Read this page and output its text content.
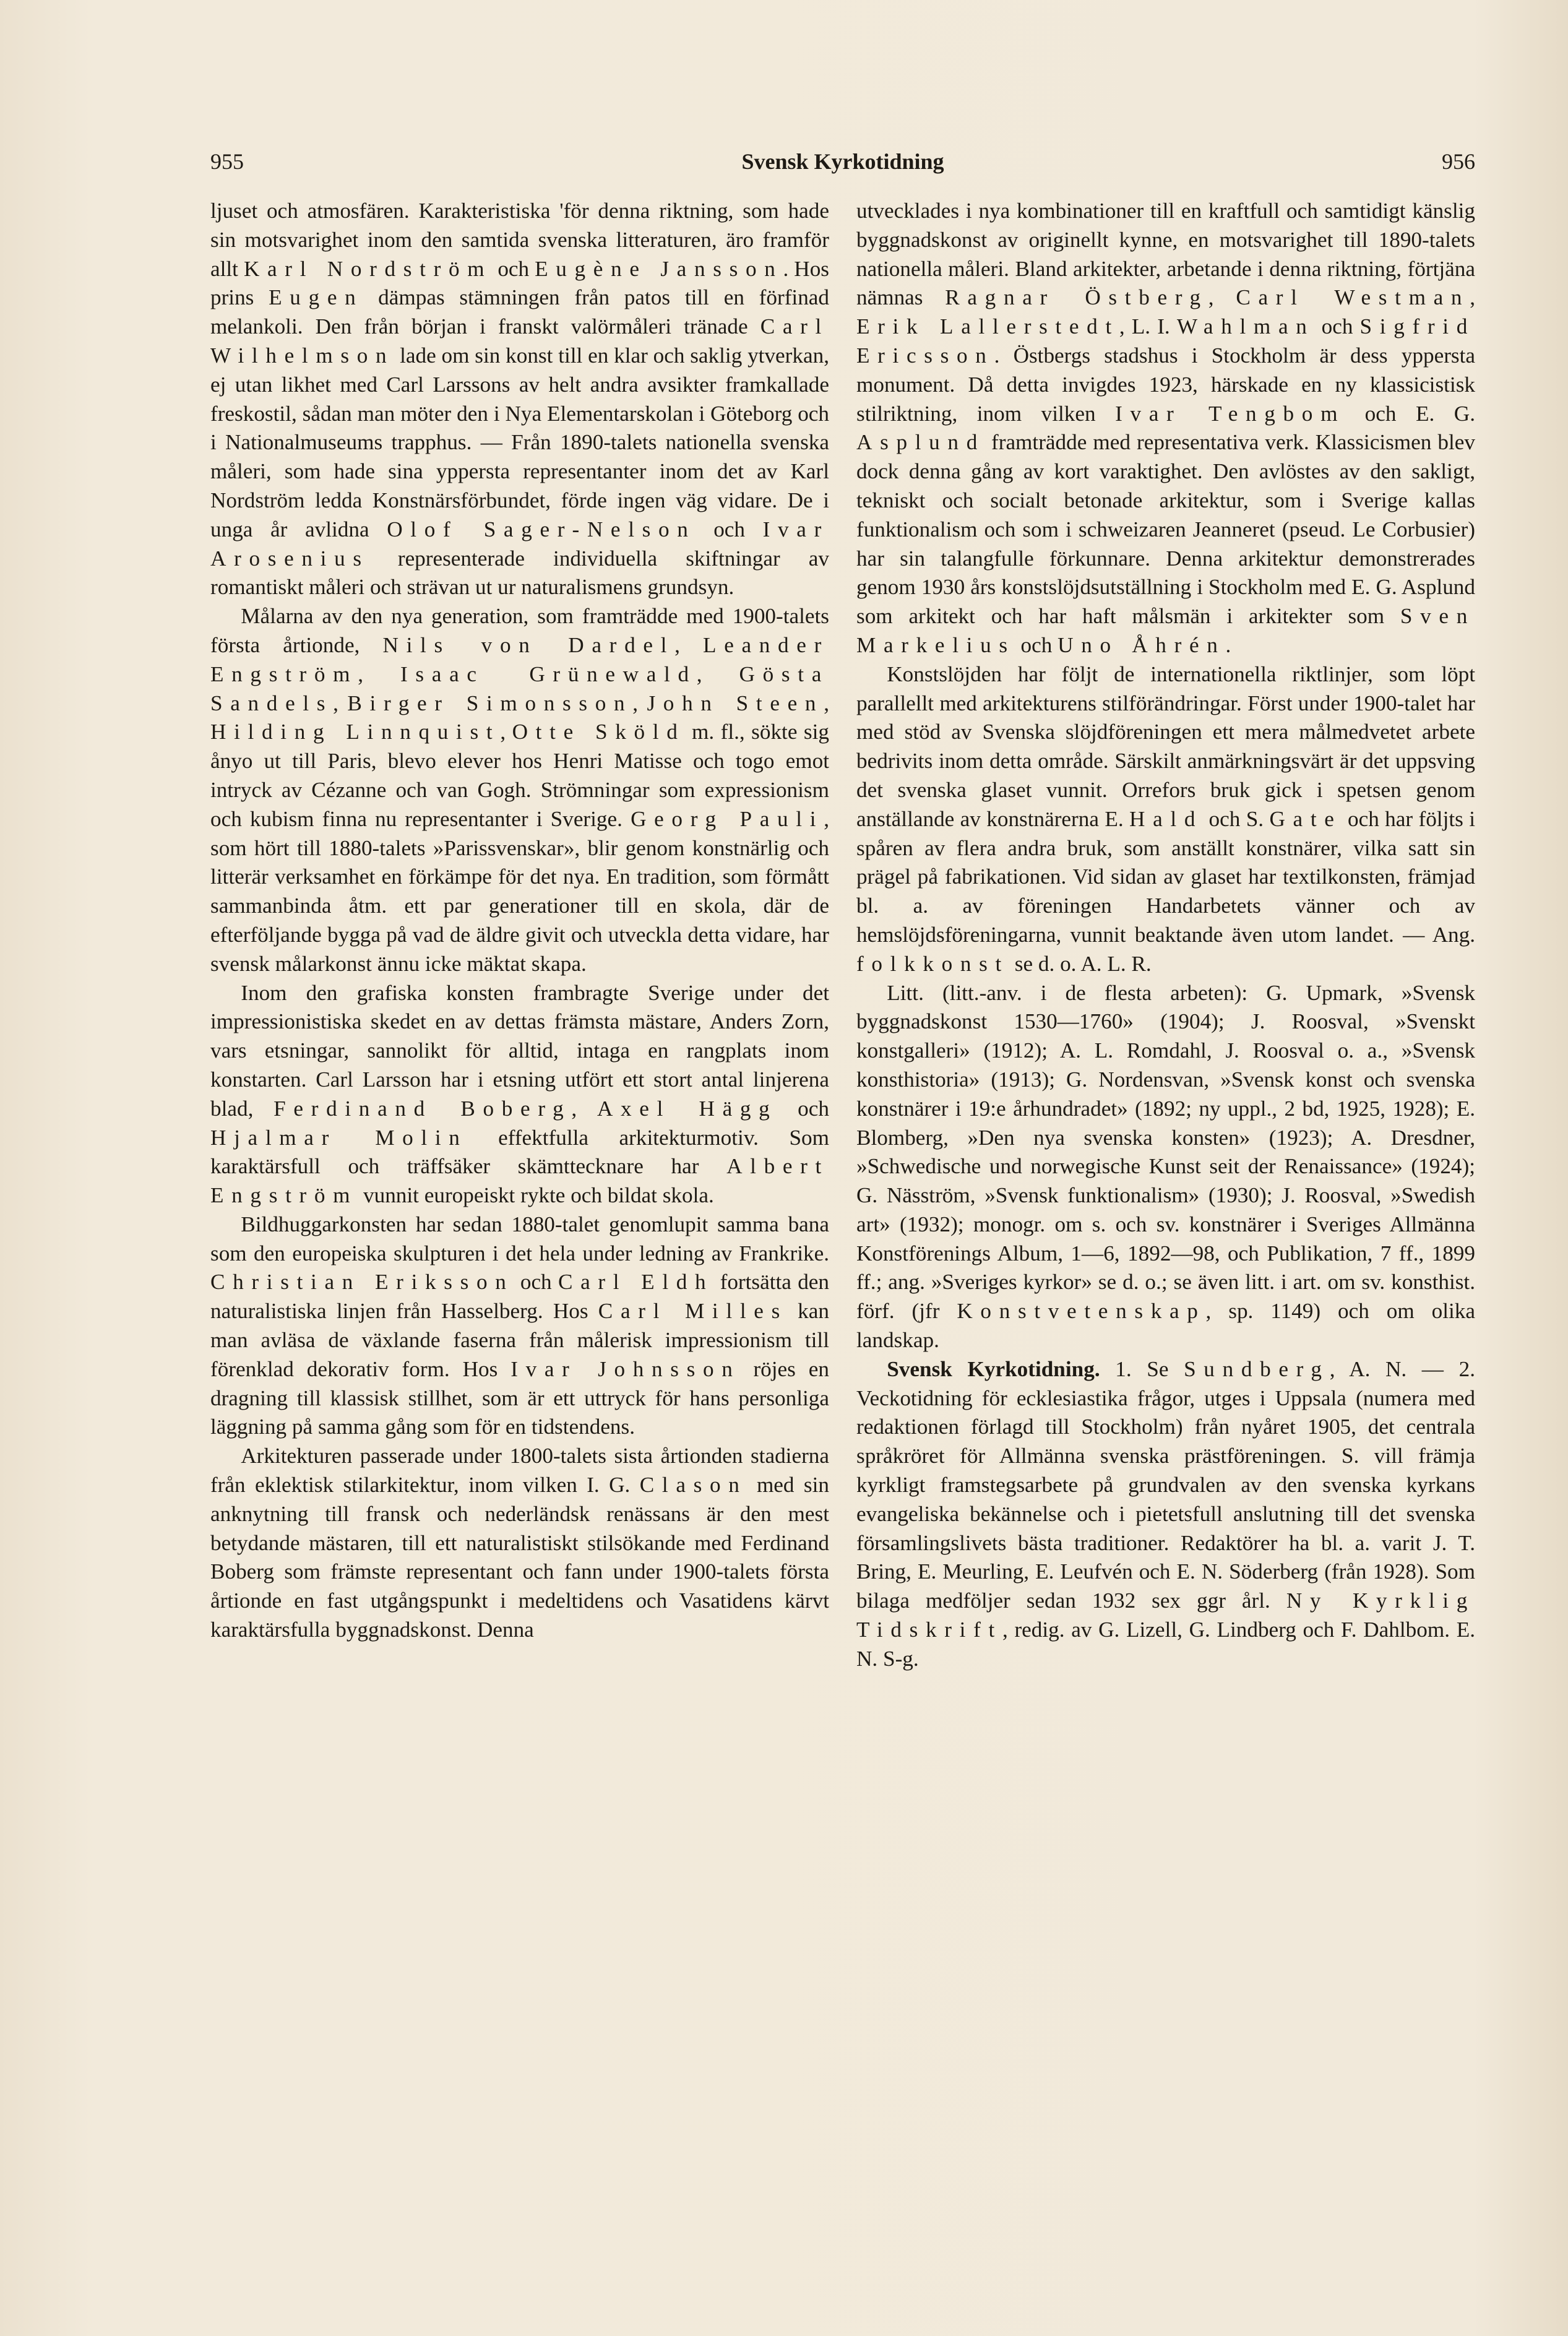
955	Svensk Kyrkotidning	956

ljuset och atmosfären. Karakteristiska 'för denna riktning, som hade sin motsvarighet inom den samtida svenska litteraturen, äro framför allt Karl Nordström och Eugène Jansson. Hos prins Eugen dämpas stämningen från patos till en förfinad melankoli. Den från början i franskt valörmåleri tränade Carl Wilhelmson lade om sin konst till en klar och saklig ytverkan, ej utan likhet med Carl Larssons av helt andra avsikter framkallade freskostil, sådan man möter den i Nya Elementarskolan i Göteborg och i Nationalmuseums trapphus. — Från 1890-talets nationella svenska måleri, som hade sina yppersta representanter inom det av Karl Nordström ledda Konstnärsförbundet, förde ingen väg vidare. De i unga år avlidna Olof Sager-Nelson och Ivar Arosenius representerade individuella skiftningar av romantiskt måleri och strävan ut ur naturalismens grundsyn.

Målarna av den nya generation, som framträdde med 1900-talets första årtionde, Nils von Dardel, Leander Engström, Isaac Grünewald, Gösta Sandels, Birger Simonsson, John Steen, Hilding Linnquist, Otte Sköld m. fl., sökte sig ånyo ut till Paris, blevo elever hos Henri Matisse och togo emot intryck av Cézanne och van Gogh. Strömningar som expressionism och kubism finna nu representanter i Sverige. Georg Pauli, som hört till 1880-talets »Parissvenskar», blir genom konstnärlig och litterär verksamhet en förkämpe för det nya. En tradition, som förmått sammanbinda åtm. ett par generationer till en skola, där de efterföljande bygga på vad de äldre givit och utveckla detta vidare, har svensk målarkonst ännu icke mäktat skapa.

Inom den grafiska konsten frambragte Sverige under det impressionistiska skedet en av dettas främsta mästare, Anders Zorn, vars etsningar, sannolikt för alltid, intaga en rangplats inom konstarten. Carl Larsson har i etsning utfört ett stort antal linjerena blad, Ferdinand Boberg, Axel Hägg och Hjalmar Molin effektfulla arkitekturmotiv. Som karaktärsfull och träffsäker skämttecknare har Albert Engström vunnit europeiskt rykte och bildat skola.

Bildhuggarkonsten har sedan 1880-talet genomlupit samma bana som den europeiska skulpturen i det hela under ledning av Frankrike. Christian Eriksson och Carl Eldh fortsätta den naturalistiska linjen från Hasselberg. Hos Carl Milles kan man avläsa de växlande faserna från målerisk impressionism till förenklad dekorativ form. Hos Ivar Johnsson röjes en dragning till klassisk stillhet, som är ett uttryck för hans personliga läggning på samma gång som för en tidstendens.

Arkitekturen passerade under 1800-talets sista årtionden stadierna från eklektisk stilarkitektur, inom vilken I. G. Clason med sin anknytning till fransk och nederländsk renässans är den mest betydande mästaren, till ett naturalistiskt stilsökande med Ferdinand Boberg som främste representant och fann under 1900-talets första årtionde en fast utgångspunkt i medeltidens och Vasatidens kärvt karaktärsfulla byggnadskonst. Denna

utvecklades i nya kombinationer till en kraftfull och samtidigt känslig byggnadskonst av originellt kynne, en motsvarighet till 1890-talets nationella måleri. Bland arkitekter, arbetande i denna riktning, förtjäna nämnas Ragnar Östberg, Carl Westman, Erik Lallerstedt, L. I. Wahlman och Sigfrid Ericsson. Östbergs stadshus i Stockholm är dess yppersta monument. Då detta invigdes 1923, härskade en ny klassicistisk stilriktning, inom vilken Ivar Tengbom och E. G. Asplund framträdde med representativa verk. Klassicismen blev dock denna gång av kort varaktighet. Den avlöstes av den sakligt, tekniskt och socialt betonade arkitektur, som i Sverige kallas funktionalism och som i schweizaren Jeanneret (pseud. Le Corbusier) har sin talangfulle förkunnare. Denna arkitektur demonstrerades genom 1930 års konstslöjdsutställning i Stockholm med E. G. Asplund som arkitekt och har haft målsmän i arkitekter som Sven Markelius och Uno Åhrén.

Konstslöjden har följt de internationella riktlinjer, som löpt parallellt med arkitekturens stilförändringar. Först under 1900-talet har med stöd av Svenska slöjdföreningen ett mera målmedvetet arbete bedrivits inom detta område. Särskilt anmärkningsvärt är det uppsving det svenska glaset vunnit. Orrefors bruk gick i spetsen genom anställande av konstnärerna E. Hald och S. Gate och har följts i spåren av flera andra bruk, som anställt konstnärer, vilka satt sin prägel på fabrikationen. Vid sidan av glaset har textilkonsten, främjad bl. a. av föreningen Handarbetets vänner och av hemslöjdsföreningarna, vunnit beaktande även utom landet. — Ang. folkkonst se d. o. A. L. R.

Litt. (litt.-anv. i de flesta arbeten): G. Upmark, »Svensk byggnadskonst 1530—1760» (1904); J. Roosval, »Svenskt konstgalleri» (1912); A. L. Romdahl, J. Roosval o. a., »Svensk konsthistoria» (1913); G. Nordensvan, »Svensk konst och svenska konstnärer i 19:e århundradet» (1892; ny uppl., 2 bd, 1925, 1928); E. Blomberg, »Den nya svenska konsten» (1923); A. Dresdner, »Schwedische und norwegische Kunst seit der Renaissance» (1924); G. Näsström, »Svensk funktionalism» (1930); J. Roosval, »Swedish art» (1932); monogr. om s. och sv. konstnärer i Sveriges Allmänna Konstförenings Album, 1—6, 1892—98, och Publikation, 7 ff., 1899 ff.; ang. »Sveriges kyrkor» se d. o.; se även litt. i art. om sv. konsthist. förf. (jfr Konstvetenskap, sp. 1149) och om olika landskap.

Svensk Kyrkotidning. 1. Se Sundberg, A. N. — 2. Veckotidning för ecklesiastika frågor, utges i Uppsala (numera med redaktionen förlagd till Stockholm) från nyåret 1905, det centrala språkröret för Allmänna svenska prästföreningen. S. vill främja kyrkligt framstegsarbete på grundvalen av den svenska kyrkans evangeliska bekännelse och i pietetsfull anslutning till det svenska församlingslivets bästa traditioner. Redaktörer ha bl. a. varit J. T. Bring, E. Meurling, E. Leufvén och E. N. Söderberg (från 1928). Som bilaga medföljer sedan 1932 sex ggr årl. Ny Kyrklig Tidskrift, redig. av G. Lizell, G. Lindberg och F. Dahlbom. E. N. S-g.
